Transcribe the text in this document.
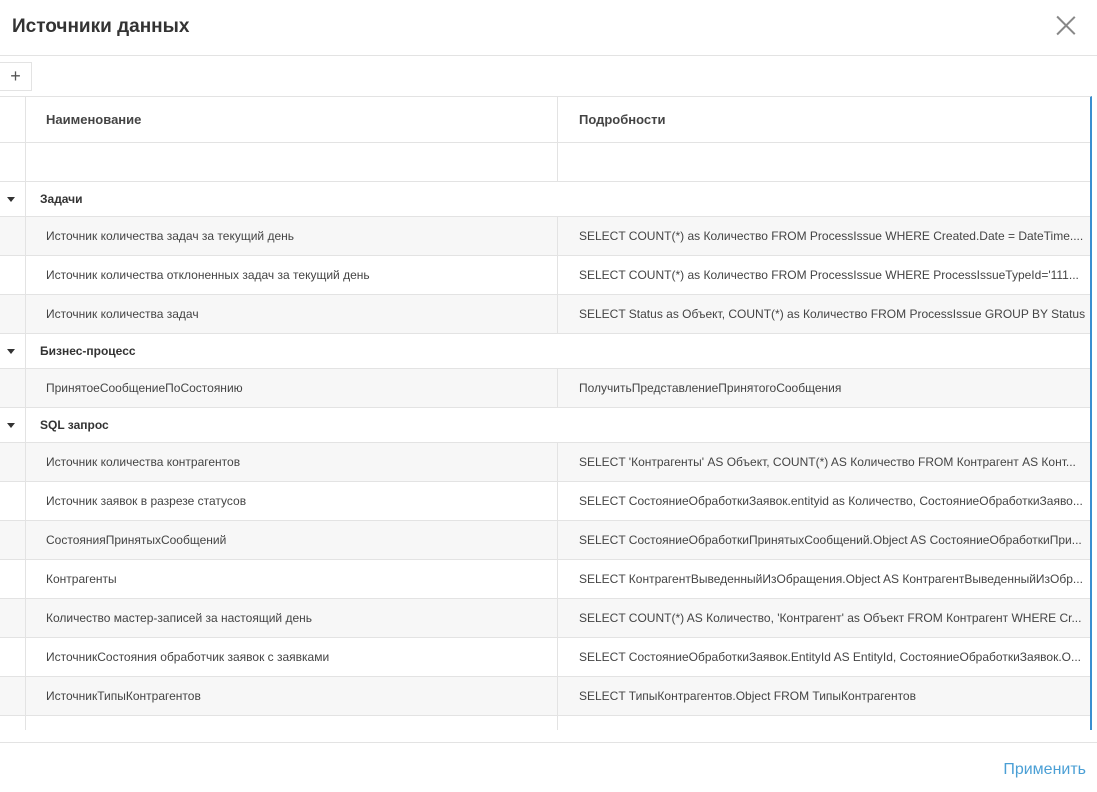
Источники данных
+
Наименование	Подробности
Задачи
Источник количества задач за текущий день	SELECT COUNT(*) as Количество FROM ProcessIssue WHERE Created.Date = DateTime....
Источник количества отклоненных задач за текущий день	SELECT COUNT(*) as Количество FROM ProcessIssue WHERE ProcessIssueTypeId='111...
Источник количества задач	SELECT Status as Объект, COUNT(*) as Количество FROM ProcessIssue GROUP BY Status
Бизнес-процесс
ПринятоеСообщениеПоСостоянию	ПолучитьПредставлениеПринятогоСообщения
SQL запрос
Источник количества контрагентов	SELECT 'Контрагенты' AS Объект, COUNT(*) AS Количество FROM Контрагент AS Конт...
Источник заявок в разрезе статусов	SELECT СостояниеОбработкиЗаявок.entityid as Количество, СостояниеОбработкиЗаяво...
СостоянияПринятыхСообщений	SELECT СостояниеОбработкиПринятыхСообщений.Object AS СостояниеОбработкиПри...
Контрагенты	SELECT КонтрагентВыведенныйИзОбращения.Object AS КонтрагентВыведенныйИзОбр...
Количество мастер-записей за настоящий день	SELECT COUNT(*) AS Количество, 'Контрагент' as Объект FROM Контрагент WHERE Cr...
ИсточникСостояния обработчик заявок с заявками	SELECT СостояниеОбработкиЗаявок.EntityId AS EntityId, СостояниеОбработкиЗаявок.O...
ИсточникТипыКонтрагентов	SELECT ТипыКонтрагентов.Object FROM ТипыКонтрагентов
Применить
